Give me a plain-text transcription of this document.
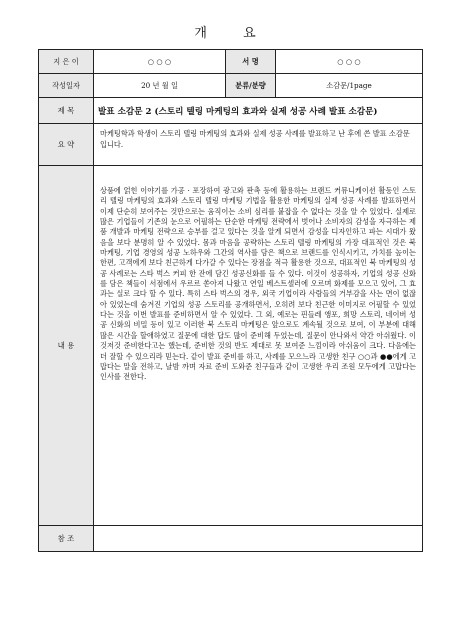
개 요
지 은 이	○ ○ ○	서 명	○ ○ ○
작성일자	20 년 월 일	분류/분량	소감문/1page
제 목	발표 소감문 2 (스토리 텔링 마케팅의 효과와 실제 성공 사례 발표 소감문)		
요 약	마케팅학과 학생이 스토리 텔링 마케팅의 효과와 실제 성공 사례를 발표하고 난 후에 쓴 발표 소감문입니다.		
내 용	상품에 얽힌 이야기를 가공 · 포장하여 광고와 판촉 등에 활용하는 브랜드 커뮤니케이션 활동인 스토리 텔링 마케팅의 효과와 스토리 텔링 마케팅 기법을 활용한 마케팅의 실제 성공 사례를 발표하면서 이제 단순히 보여주는 것만으로는 움직이는 소비 심리를 붙잡을 수 없다는 것을 알 수 있었다. 실제로 많은 기업들이 기존의 눈으로 어필하는 단순한 마케팅 전략에서 벗어나 소비자의 감성을 자극하는 제품 개발과 마케팅 전략으로 승부를 걸고 있다는 것을 알게 되면서 감성을 디자인하고 파는 시대가 왔음을 보다 분명히 알 수 있었다. 몸과 마음을 공략하는 스토리 텔링 마케팅의 가장 대표적인 것은 북 마케팅, 기업 경영의 성공 노하우와 그간의 역사를 담은 책으로 브랜드를 인식시키고, 가치를 높이는 한편, 고객에게 보다 친근하게 다가갈 수 있다는 장점을 적극 활용한 것으로, 대표적인 북 마케팅의 성공 사례로는 스타 벅스 커피 한 잔에 담긴 성공신화를 들 수 있다. 이것이 성공하자, 기업의 성공 신화를 담은 책들이 서점에서 우르르 쏟아져 나왔고 연일 베스트셀러에 오르며 화제를 모으고 있어, 그 효과는 실로 크다 할 수 있다. 특히 스타 벅스의 경우, 외국 기업이라 사람들의 거부감을 사는 면이 없잖아 있었는데 숨겨진 기업의 성공 스토리를 공개하면서, 오히려 보다 친근한 이미지로 어필할 수 있었다는 것을 이번 발표를 준비하면서 알 수 있었다. 그 외, 예로는 핀들레 앵포, 희망 스토리, 네이버 성공 신화의 비밀 등이 있고 이러한 북 스토리 마케팅은 앞으로도 계속될 것으로 보여, 이 부분에 대해 많은 시간을 할애하였고 질문에 대한 답도 많이 준비해 두었는데, 질문이 안나와서 약간 아쉬웠다. 이것저것 준비한다고는 했는데, 준비한 것의 반도 제대로 못 보여준 느낌이라 아쉬움이 크다. 다음에는 더 잘할 수 있으리라 믿는다. 같이 발표 준비를 하고, 사례를 모으느라 고생한 친구 ○○과 ●●에게 고맙다는 말을 전하고, 날밤 까며 자료 준비 도와준 친구들과 같이 고생한 우리 조원 모두에게 고맙다는 인사를 전한다.		

참 조			
